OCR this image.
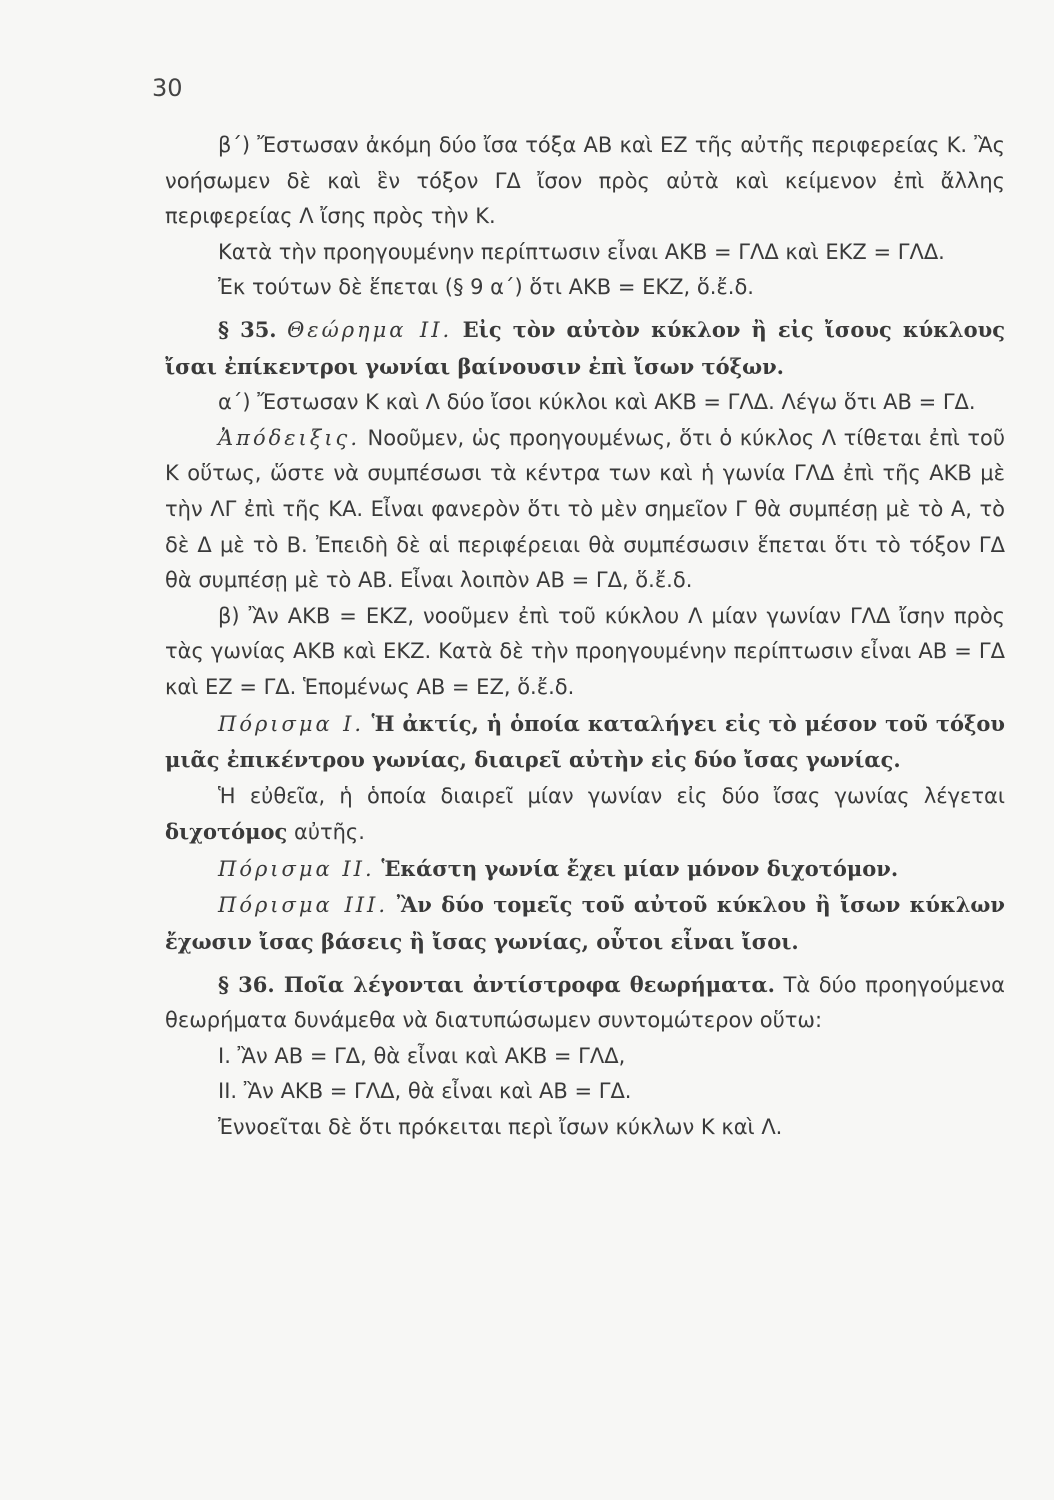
30

β΄) Ἔστωσαν ἀκόμη δύο ἴσα τόξα ΑΒ καὶ ΕΖ τῆς αὐτῆς περιφερείας Κ. Ἂς νοήσωμεν δὲ καὶ ἓν τόξον ΓΔ ἴσον πρὸς αὐτὰ καὶ κείμενον ἐπὶ ἄλλης περιφερείας Λ ἴσης πρὸς τὴν Κ.

Κατὰ τὴν προηγουμένην περίπτωσιν εἶναι ΑΚΒ = ΓΛΔ καὶ ΕΚΖ = ΓΛΔ.

Ἐκ τούτων δὲ ἕπεται (§ 9 α΄) ὅτι ΑΚΒ = ΕΚΖ, ὅ.ἔ.δ.

§ 35. Θεώρημα II. Εἰς τὸν αὐτὸν κύκλον ἢ εἰς ἴσους κύκλους ἴσαι ἐπίκεντροι γωνίαι βαίνουσιν ἐπὶ ἴσων τόξων.

α΄) Ἔστωσαν Κ καὶ Λ δύο ἴσοι κύκλοι καὶ ΑΚΒ = ΓΛΔ. Λέγω ὅτι ΑΒ = ΓΔ.

Ἀπόδειξις. Νοοῦμεν, ὡς προηγουμένως, ὅτι ὁ κύκλος Λ τίθεται ἐπὶ τοῦ Κ οὕτως, ὥστε νὰ συμπέσωσι τὰ κέντρα των καὶ ἡ γωνία ΓΛΔ ἐπὶ τῆς ΑΚΒ μὲ τὴν ΛΓ ἐπὶ τῆς ΚΑ. Εἶναι φανερὸν ὅτι τὸ μὲν σημεῖον Γ θὰ συμπέσῃ μὲ τὸ Α, τὸ δὲ Δ μὲ τὸ Β. Ἐπειδὴ δὲ αἱ περιφέρειαι θὰ συμπέσωσιν ἕπεται ὅτι τὸ τόξον ΓΔ θὰ συμπέσῃ μὲ τὸ ΑΒ. Εἶναι λοιπὸν ΑΒ = ΓΔ, ὅ.ἔ.δ.

β) Ἂν ΑΚΒ = ΕΚΖ, νοοῦμεν ἐπὶ τοῦ κύκλου Λ μίαν γωνίαν ΓΛΔ ἴσην πρὸς τὰς γωνίας ΑΚΒ καὶ ΕΚΖ. Κατὰ δὲ τὴν προηγουμένην περίπτωσιν εἶναι ΑΒ = ΓΔ καὶ ΕΖ = ΓΔ. Ἑπομένως ΑΒ = ΕΖ, ὅ.ἔ.δ.

Πόρισμα I. Ἡ ἀκτίς, ἡ ὁποία καταλήγει εἰς τὸ μέσον τοῦ τόξου μιᾶς ἐπικέντρου γωνίας, διαιρεῖ αὐτὴν εἰς δύο ἴσας γωνίας.

Ἡ εὐθεῖα, ἡ ὁποία διαιρεῖ μίαν γωνίαν εἰς δύο ἴσας γωνίας λέγεται διχοτόμος αὐτῆς.

Πόρισμα II. Ἑκάστη γωνία ἔχει μίαν μόνον διχοτόμον.

Πόρισμα III. Ἂν δύο τομεῖς τοῦ αὐτοῦ κύκλου ἢ ἴσων κύκλων ἔχωσιν ἴσας βάσεις ἢ ἴσας γωνίας, οὗτοι εἶναι ἴσοι.

§ 36. Ποῖα λέγονται ἀντίστροφα θεωρήματα. Τὰ δύο προηγούμενα θεωρήματα δυνάμεθα νὰ διατυπώσωμεν συντομώτερον οὕτω:

I. Ἂν ΑΒ = ΓΔ, θὰ εἶναι καὶ ΑΚΒ = ΓΛΔ,

II. Ἂν ΑΚΒ = ΓΛΔ, θὰ εἶναι καὶ ΑΒ = ΓΔ.

Ἐννοεῖται δὲ ὅτι πρόκειται περὶ ἴσων κύκλων Κ καὶ Λ.
